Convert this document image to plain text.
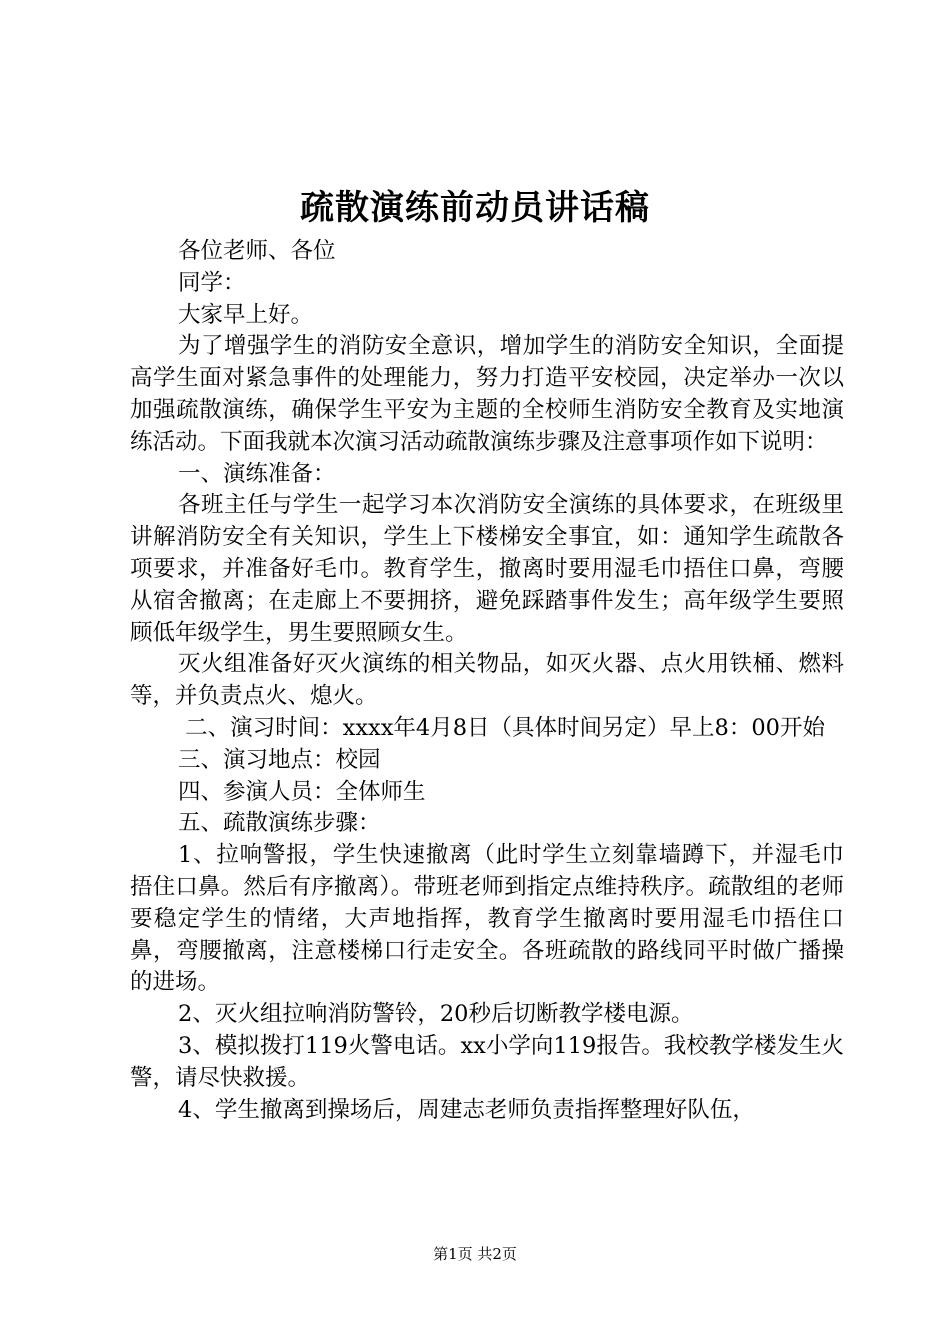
疏散演练前动员讲话稿

各位老师、各位

同学：

大家早上好。

为了增强学生的消防安全意识，增加学生的消防安全知识，全面提高学生面对紧急事件的处理能力，努力打造平安校园，决定举办一次以加强疏散演练，确保学生平安为主题的全校师生消防安全教育及实地演练活动。下面我就本次演习活动疏散演练步骤及注意事项作如下说明：

一、演练准备：

各班主任与学生一起学习本次消防安全演练的具体要求，在班级里讲解消防安全有关知识，学生上下楼梯安全事宜，如：通知学生疏散各项要求，并准备好毛巾。教育学生，撤离时要用湿毛巾捂住口鼻，弯腰从宿舍撤离；在走廊上不要拥挤，避免踩踏事件发生；高年级学生要照顾低年级学生，男生要照顾女生。

灭火组准备好灭火演练的相关物品，如灭火器、点火用铁桶、燃料等，并负责点火、熄火。

二、演习时间：xxxx年4月8日（具体时间另定）早上8：00开始

三、演习地点：校园

四、参演人员：全体师生

五、疏散演练步骤：

1、拉响警报，学生快速撤离（此时学生立刻靠墙蹲下，并湿毛巾捂住口鼻。然后有序撤离）。带班老师到指定点维持秩序。疏散组的老师要稳定学生的情绪，大声地指挥，教育学生撤离时要用湿毛巾捂住口鼻，弯腰撤离，注意楼梯口行走安全。各班疏散的路线同平时做广播操的进场。

2、灭火组拉响消防警铃，20秒后切断教学楼电源。

3、模拟拨打119火警电话。xx小学向119报告。我校教学楼发生火警，请尽快救援。

4、学生撤离到操场后，周建志老师负责指挥整理好队伍，

第1页 共2页
